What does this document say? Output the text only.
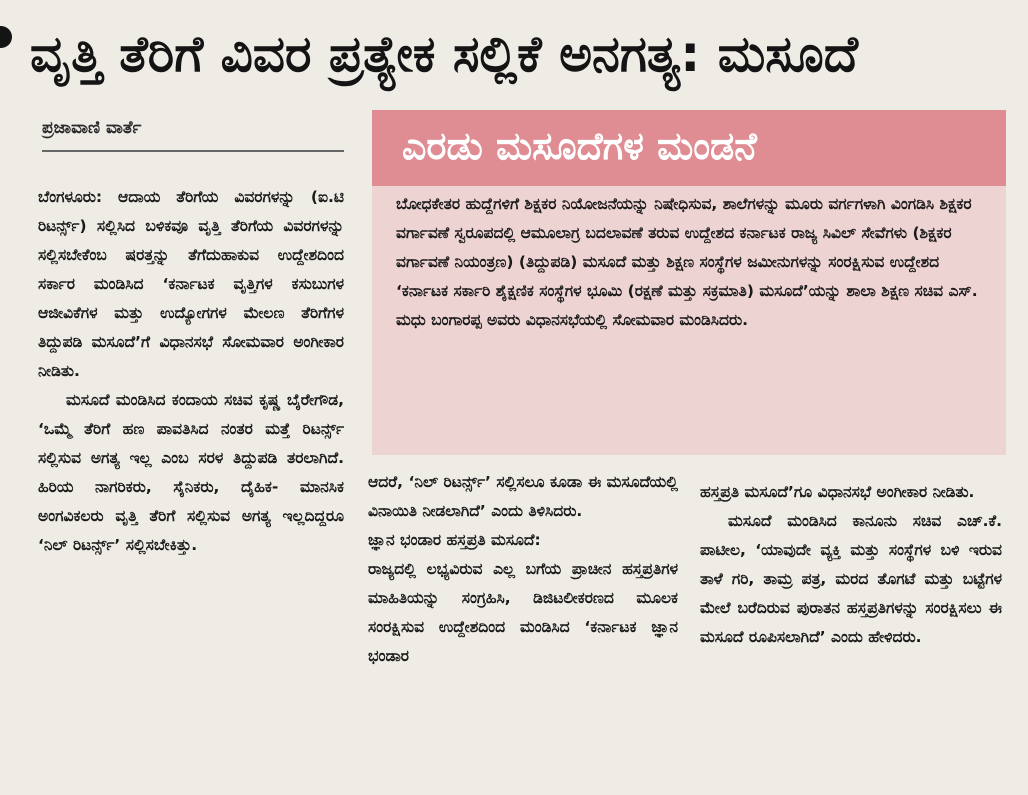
ವೃತ್ತಿ ತೆರಿಗೆ ವಿವರ ಪ್ರತ್ಯೇಕ ಸಲ್ಲಿಕೆ ಅನಗತ್ಯ: ಮಸೂದೆ
ಪ್ರಜಾವಾಣಿ ವಾರ್ತೆ

ಬೆಂಗಳೂರು: ಆದಾಯ ತೆರಿಗೆಯ ವಿವರಗಳನ್ನು (ಐ.ಟಿ ರಿಟರ್ನ್ಸ್) ಸಲ್ಲಿಸಿದ ಬಳಿಕವೂ ವೃತ್ತಿ ತೆರಿಗೆಯ ವಿವರಗಳನ್ನು ಸಲ್ಲಿಸಬೇಕೆಂಬ ಷರತ್ತನ್ನು ತೆಗೆದುಹಾಕುವ ಉದ್ದೇಶದಿಂದ ಸರ್ಕಾರ ಮಂಡಿಸಿದ ‘ಕರ್ನಾಟಕ ವೃತ್ತಿಗಳ ಕಸುಬುಗಳ ಆಜೀವಿಕೆಗಳ ಮತ್ತು ಉದ್ಯೋಗಗಳ ಮೇಲಣ ತೆರಿಗೆಗಳ ತಿದ್ದುಪಡಿ ಮಸೂದೆ’ಗೆ ವಿಧಾನಸಭೆ ಸೋಮವಾರ ಅಂಗೀಕಾರ ನೀಡಿತು.

ಮಸೂದೆ ಮಂಡಿಸಿದ ಕಂದಾಯ ಸಚಿವ ಕೃಷ್ಣ ಬೈರೇಗೌಡ, ‘ಒಮ್ಮೆ ತೆರಿಗೆ ಹಣ ಪಾವತಿಸಿದ ನಂತರ ಮತ್ತೆ ರಿಟರ್ನ್ಸ್ ಸಲ್ಲಿಸುವ ಅಗತ್ಯ ಇಲ್ಲ ಎಂಬ ಸರಳ ತಿದ್ದುಪಡಿ ತರಲಾಗಿದೆ. ಹಿರಿಯ ನಾಗರಿಕರು, ಸೈನಿಕರು, ದೈಹಿಕ- ಮಾನಸಿಕ ಅಂಗವಿಕಲರು ವೃತ್ತಿ ತೆರಿಗೆ ಸಲ್ಲಿಸುವ ಅಗತ್ಯ ಇಲ್ಲದಿದ್ದರೂ ‘ನಿಲ್ ರಿಟರ್ನ್ಸ್’ ಸಲ್ಲಿಸಬೇಕಿತ್ತು.

ಎರಡು ಮಸೂದೆಗಳ ಮಂಡನೆ
ಬೋಧಕೇತರ ಹುದ್ದೆಗಳಿಗೆ ಶಿಕ್ಷಕರ ನಿಯೋಜನೆಯನ್ನು ನಿಷೇಧಿಸುವ, ಶಾಲೆಗಳನ್ನು ಮೂರು ವರ್ಗಗಳಾಗಿ ವಿಂಗಡಿಸಿ ಶಿಕ್ಷಕರ ವರ್ಗಾವಣೆ ಸ್ವರೂಪದಲ್ಲಿ ಆಮೂಲಾಗ್ರ ಬದಲಾವಣೆ ತರುವ ಉದ್ದೇಶದ ಕರ್ನಾಟಕ ರಾಜ್ಯ ಸಿವಿಲ್ ಸೇವೆಗಳು (ಶಿಕ್ಷಕರ ವರ್ಗಾವಣೆ ನಿಯಂತ್ರಣ) (ತಿದ್ದುಪಡಿ) ಮಸೂದೆ ಮತ್ತು ಶಿಕ್ಷಣ ಸಂಸ್ಥೆಗಳ ಜಮೀನುಗಳನ್ನು ಸಂರಕ್ಷಿಸುವ ಉದ್ದೇಶದ ‘ಕರ್ನಾಟಕ ಸರ್ಕಾರಿ ಶೈಕ್ಷಣಿಕ ಸಂಸ್ಥೆಗಳ ಭೂಮಿ (ರಕ್ಷಣೆ ಮತ್ತು ಸಕ್ರಮಾತಿ) ಮಸೂದೆ’ಯನ್ನು ಶಾಲಾ ಶಿಕ್ಷಣ ಸಚಿವ ಎಸ್. ಮಧು ಬಂಗಾರಪ್ಪ ಅವರು ವಿಧಾನಸಭೆಯಲ್ಲಿ ಸೋಮವಾರ ಮಂಡಿಸಿದರು.

ಆದರೆ, ‘ನಿಲ್ ರಿಟರ್ನ್ಸ್’ ಸಲ್ಲಿಸಲೂ ಕೂಡಾ ಈ ಮಸೂದೆಯಲ್ಲಿ ವಿನಾಯಿತಿ ನೀಡಲಾಗಿದೆ’ ಎಂದು ತಿಳಿಸಿದರು.

ಜ್ಞಾನ ಭಂಡಾರ ಹಸ್ತಪ್ರತಿ ಮಸೂದೆ:

ರಾಜ್ಯದಲ್ಲಿ ಲಭ್ಯವಿರುವ ಎಲ್ಲ ಬಗೆಯ ಪ್ರಾಚೀನ ಹಸ್ತಪ್ರತಿಗಳ ಮಾಹಿತಿಯನ್ನು ಸಂಗ್ರಹಿಸಿ, ಡಿಜಿಟಲೀಕರಣದ ಮೂಲಕ ಸಂರಕ್ಷಿಸುವ ಉದ್ದೇಶದಿಂದ ಮಂಡಿಸಿದ ‘ಕರ್ನಾಟಕ ಜ್ಞಾನ ಭಂಡಾರ

ಹಸ್ತಪ್ರತಿ ಮಸೂದೆ’ಗೂ ವಿಧಾನಸಭೆ ಅಂಗೀಕಾರ ನೀಡಿತು.

ಮಸೂದೆ ಮಂಡಿಸಿದ ಕಾನೂನು ಸಚಿವ ಎಚ್.ಕೆ. ಪಾಟೀಲ, ‘ಯಾವುದೇ ವ್ಯಕ್ತಿ ಮತ್ತು ಸಂಸ್ಥೆಗಳ ಬಳಿ ಇರುವ ತಾಳೆ ಗರಿ, ತಾಮ್ರ ಪತ್ರ, ಮರದ ತೊಗಟೆ ಮತ್ತು ಬಟ್ಟೆಗಳ ಮೇಲೆ ಬರೆದಿರುವ ಪುರಾತನ ಹಸ್ತಪ್ರತಿಗಳನ್ನು ಸಂರಕ್ಷಿಸಲು ಈ ಮಸೂದೆ ರೂಪಿಸಲಾಗಿದೆ’ ಎಂದು ಹೇಳಿದರು.
